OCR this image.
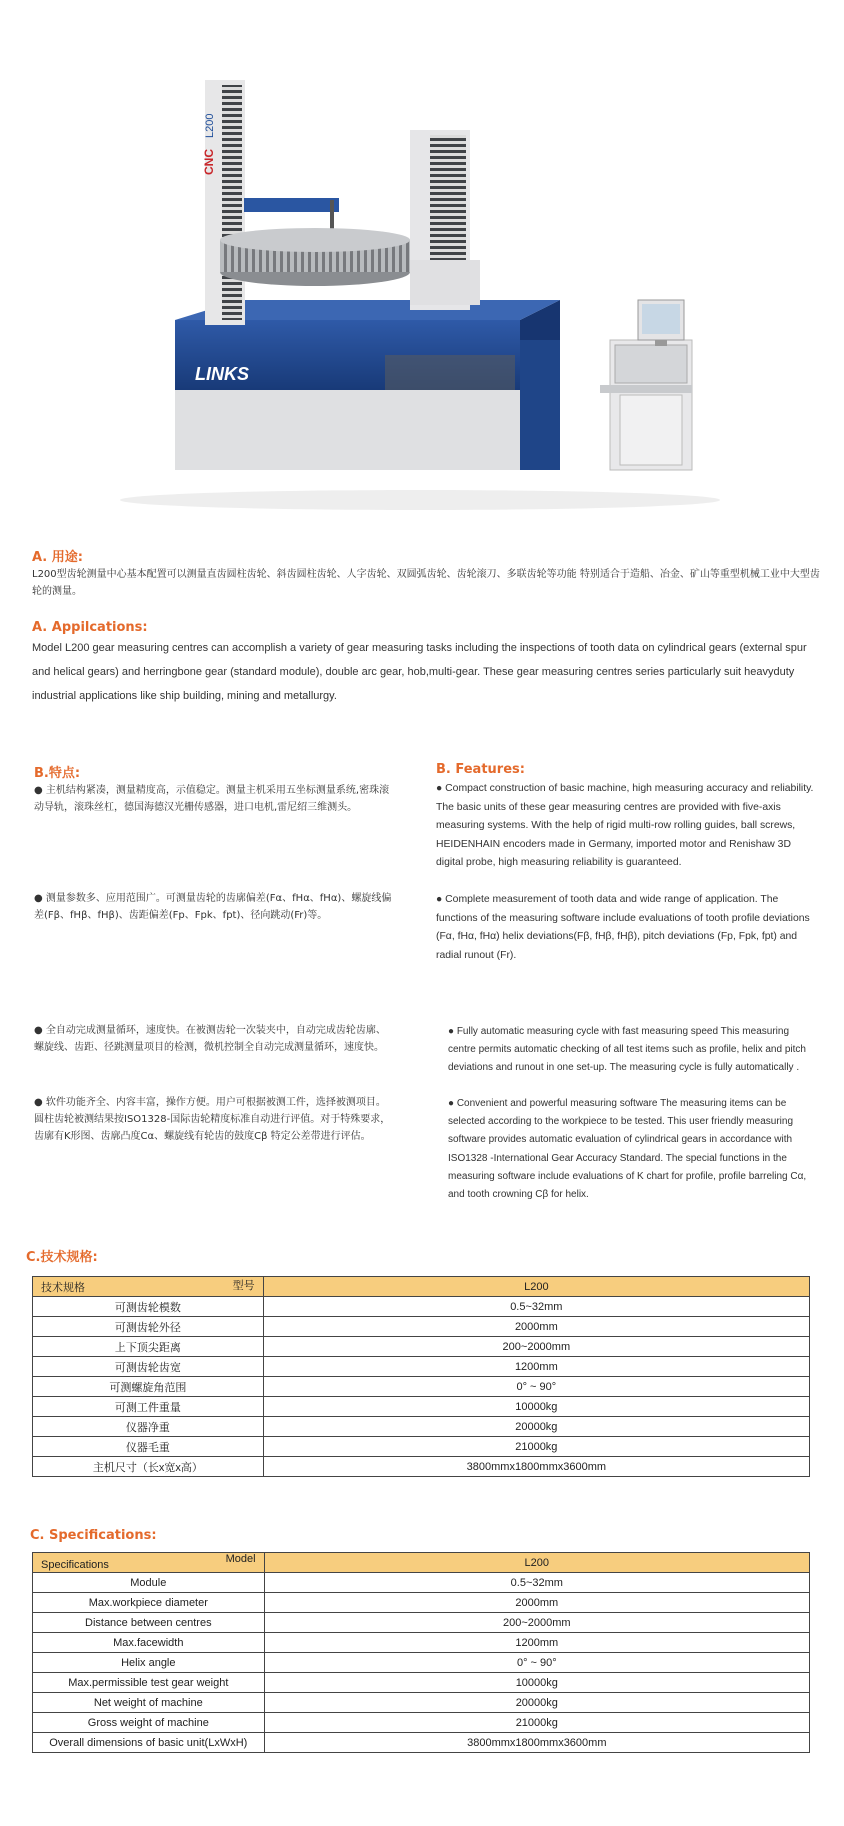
CNC
L200
LINKS
A. 用途:
L200型齿轮测量中心基本配置可以测量直齿圆柱齿轮、斜齿圆柱齿轮、人字齿轮、双圆弧齿轮、齿轮滚刀、多联齿轮等功能 特别适合于造船、冶金、矿山等重型机械工业中大型齿轮的测量。
A. Appilcations:
Model L200 gear measuring centres can accomplish a variety of gear measuring tasks including the inspections of tooth data on cylindrical gears (external spur and helical gears) and herringbone gear (standard module), double arc gear, hob,multi-gear. These gear measuring centres series particularly suit heavyduty industrial applications like ship building, mining and metallurgy.
B.特点:
● 主机结构紧凑，测量精度高，示值稳定。测量主机采用五坐标测量系统,密珠滚动导轨，滚珠丝杠，德国海德汉光栅传感器，进口电机,雷尼绍三维测头。
● 测量参数多、应用范围广。可测量齿轮的齿廓偏差(Fα、fHα、fHα)、螺旋线偏差(Fβ、fHβ、fHβ)、齿距偏差(Fp、Fpk、fpt)、径向跳动(Fr)等。
● 全自动完成测量循环，速度快。在被测齿轮一次装夹中，自动完成齿轮齿廓、螺旋线、齿距、径跳测量项目的检测，微机控制全自动完成测量循环，速度快。
● 软件功能齐全、内容丰富，操作方便。用户可根据被测工件，选择被测项目。圆柱齿轮被测结果按ISO1328-国际齿轮精度标准自动进行评值。对于特殊要求，齿廓有K形图、齿廓凸度Cα、螺旋线有轮齿的鼓度Cβ 特定公差带进行评估。
B. Features:
● Compact construction of basic machine, high measuring accuracy and reliability. The basic units of these gear measuring centres are provided with five-axis measuring systems. With the help of rigid multi-row rolling guides, ball screws, HEIDENHAIN encoders made in Germany, imported motor and Renishaw 3D digital probe, high measuring reliability is guaranteed.
● Complete measurement of tooth data and wide range of application. The functions of the measuring software include evaluations of tooth profile deviations (Fα, fHα, fHα) helix deviations(Fβ, fHβ, fHβ), pitch deviations (Fp, Fpk, fpt) and radial runout (Fr).
● Fully automatic measuring cycle with fast measuring speed This measuring centre permits automatic checking of all test items such as profile, helix and pitch deviations and runout in one set-up. The measuring cycle is fully automatically .
● Convenient and powerful measuring software The measuring items can be selected according to the workpiece to be tested. This user friendly measuring software provides automatic evaluation of cylindrical gears in accordance with ISO1328 -International Gear Accuracy Standard. The special functions in the measuring software include evaluations of K chart for profile, profile barreling Cα, and tooth crowning Cβ for helix.
C.技术规格:
技术规格 型号	L200
可测齿轮模数	0.5~32mm
可测齿轮外径	2000mm
上下顶尖距离	200~2000mm
可测齿轮齿宽	1200mm
可测螺旋角范围	0° ~ 90°
可测工件重量	10000kg
仪器净重	20000kg
仪器毛重	21000kg
主机尺寸（长x宽x高）	3800mmx1800mmx3600mm
C. Specifications:
Specifications Model	L200
Module	0.5~32mm
Max.workpiece diameter	2000mm
Distance between centres	200~2000mm
Max.facewidth	1200mm
Helix angle	0° ~ 90°
Max.permissible test gear weight	10000kg
Net weight of machine	20000kg
Gross weight of machine	21000kg
Overall dimensions of basic unit(LxWxH)	3800mmx1800mmx3600mm
